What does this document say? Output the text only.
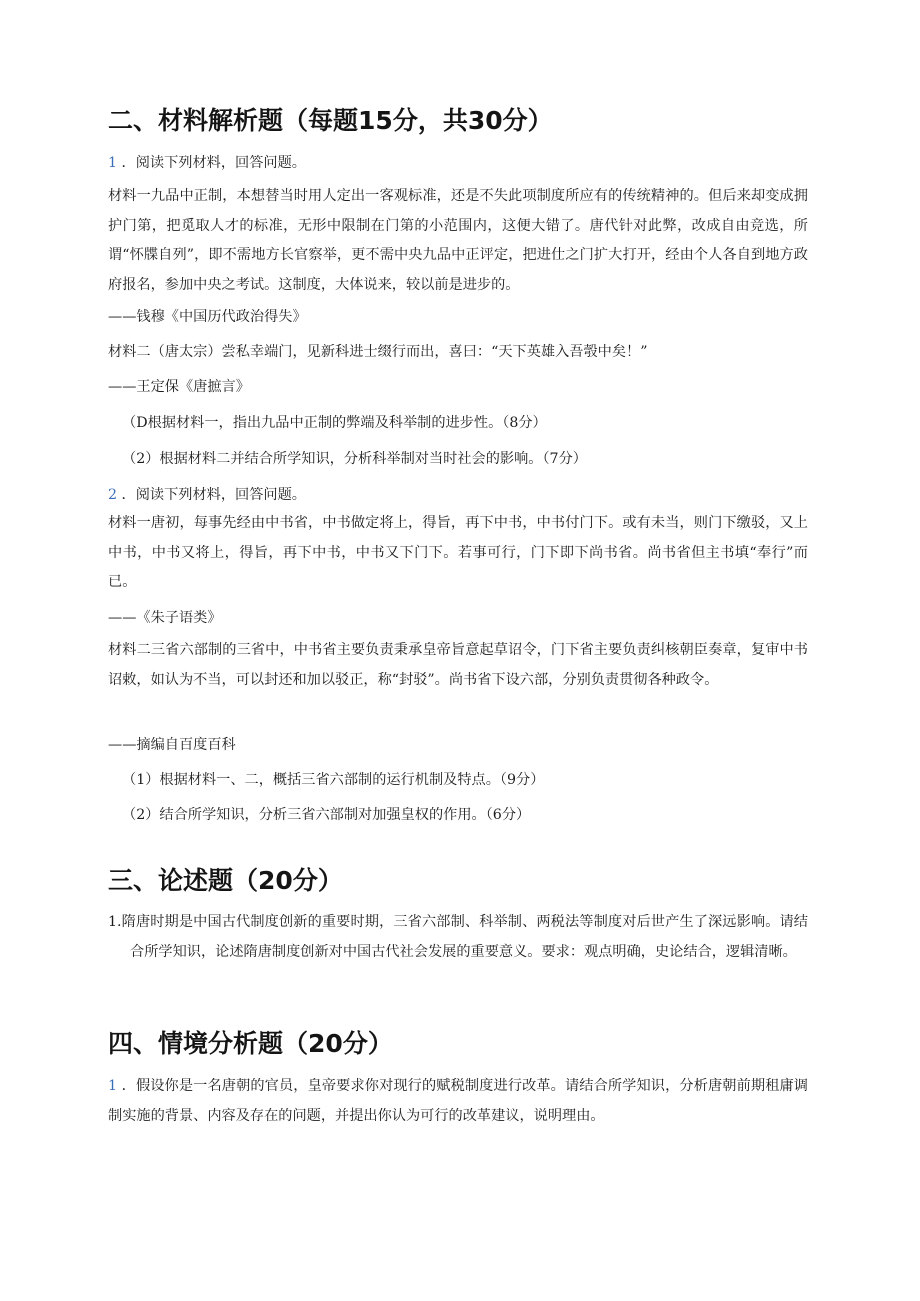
二、材料解析题（每题15分，共30分）
1 ．阅读下列材料，回答问题。

材料一九品中正制，本想替当时用人定出一客观标准，还是不失此项制度所应有的传统精神的。但后来却变成拥护门第，把觅取人才的标准，无形中限制在门第的小范围内，这便大错了。唐代针对此弊，改成自由竞选，所谓“怀牒自列”，即不需地方长官察举，更不需中央九品中正评定，把进仕之门扩大打开，经由个人各自到地方政府报名，参加中央之考试。这制度，大体说来，较以前是进步的。

——钱穆《中国历代政治得失》

材料二（唐太宗）尝私幸端门，见新科进士缀行而出，喜曰：“天下英雄入吾彀中矣！”

——王定保《唐摭言》
（D根据材料一，指出九品中正制的弊端及科举制的进步性。（8分）
（2）根据材料二并结合所学知识，分析科举制对当时社会的影响。（7分）
2 ．阅读下列材料，回答问题。

材料一唐初，每事先经由中书省，中书做定将上，得旨，再下中书，中书付门下。或有未当，则门下缴驳，又上中书，中书又将上，得旨，再下中书，中书又下门下。若事可行，门下即下尚书省。尚书省但主书填“奉行”而已。

——《朱子语类》

材料二三省六部制的三省中，中书省主要负责秉承皇帝旨意起草诏令，门下省主要负责纠核朝臣奏章，复审中书诏敕，如认为不当，可以封还和加以驳正，称“封驳”。尚书省下设六部，分别负责贯彻各种政令。

——摘编自百度百科
（1）根据材料一、二，概括三省六部制的运行机制及特点。（9分）
（2）结合所学知识，分析三省六部制对加强皇权的作用。（6分）
三、论述题（20分）

1.隋唐时期是中国古代制度创新的重要时期，三省六部制、科举制、两税法等制度对后世产生了深远影响。请结合所学知识，论述隋唐制度创新对中国古代社会发展的重要意义。要求：观点明确，史论结合，逻辑清晰。

四、情境分析题（20分）

1 ．假设你是一名唐朝的官员，皇帝要求你对现行的赋税制度进行改革。请结合所学知识，分析唐朝前期租庸调制实施的背景、内容及存在的问题，并提出你认为可行的改革建议，说明理由。
